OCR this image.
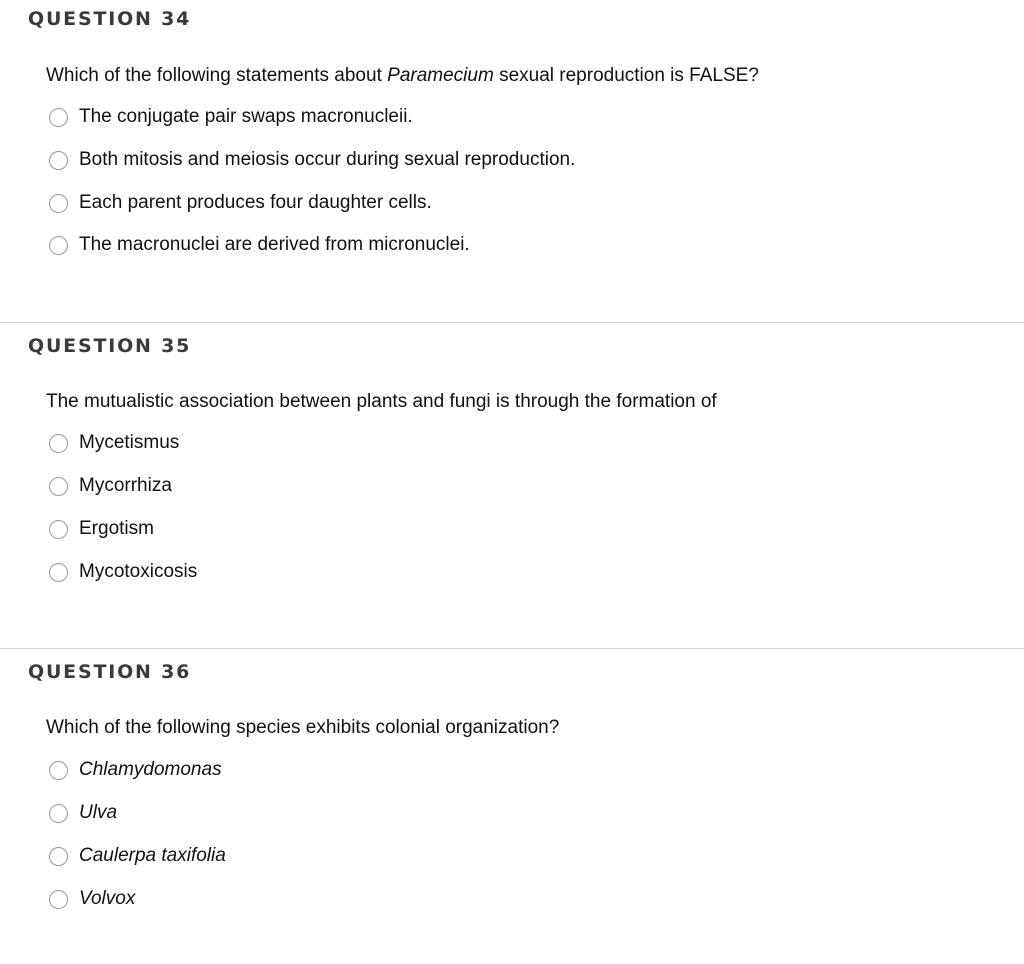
QUESTION 34
Which of the following statements about Paramecium sexual reproduction is FALSE?
The conjugate pair swaps macronucleii.
Both mitosis and meiosis occur during sexual reproduction.
Each parent produces four daughter cells.
The macronuclei are derived from micronuclei.
QUESTION 35
The mutualistic association between plants and fungi is through the formation of
Mycetismus
Mycorrhiza
Ergotism
Mycotoxicosis
QUESTION 36
Which of the following species exhibits colonial organization?
Chlamydomonas
Ulva
Caulerpa taxifolia
Volvox
